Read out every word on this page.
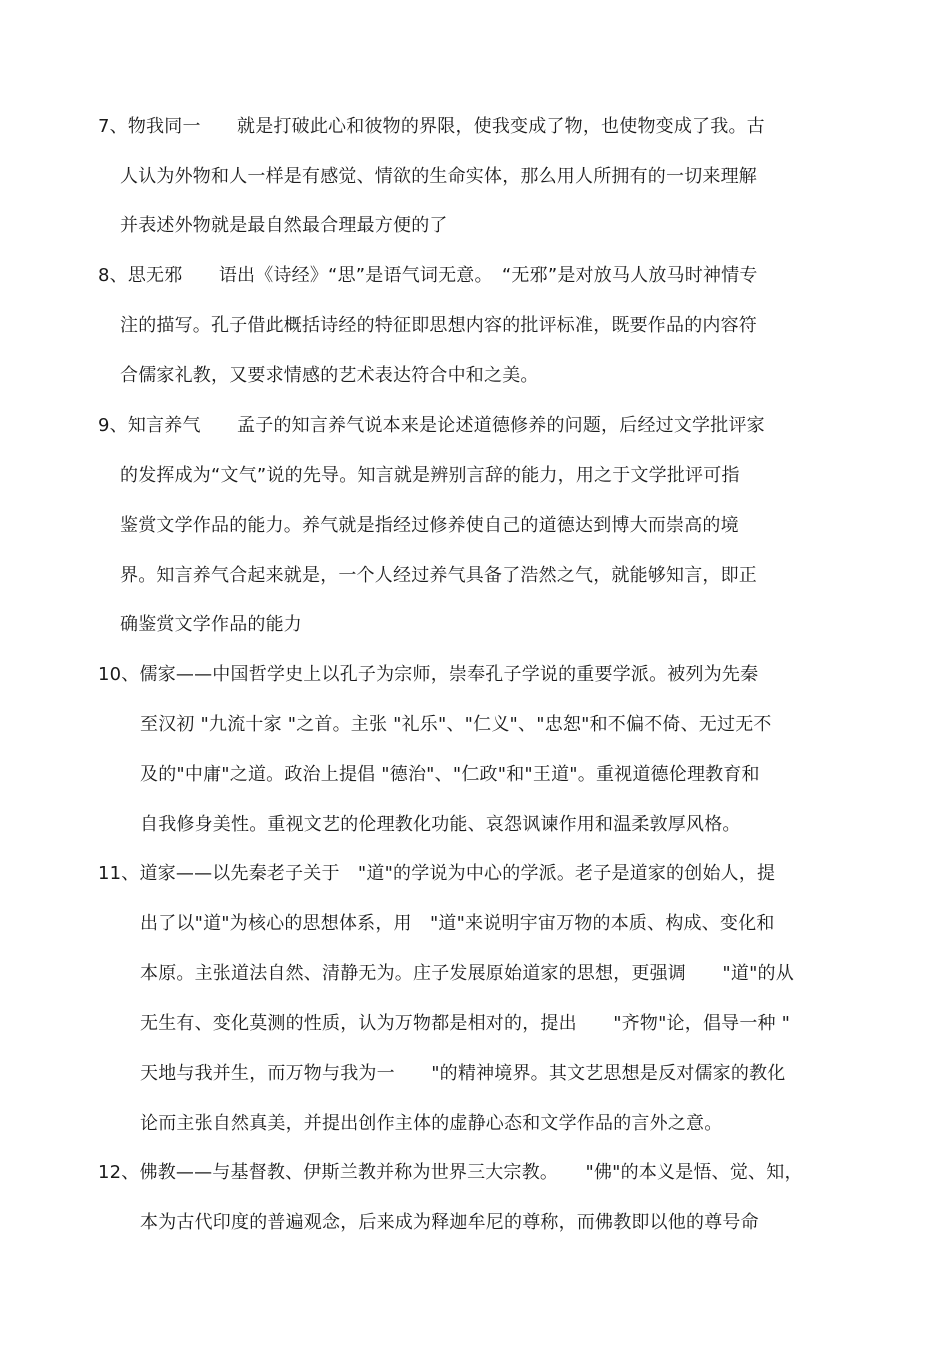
7、物我同一　　就是打破此心和彼物的界限，使我变成了物，也使物变成了我。古
人认为外物和人一样是有感觉、情欲的生命实体，那么用人所拥有的一切来理解
并表述外物就是最自然最合理最方便的了
8、思无邪　　语出《诗经》“思”是语气词无意。　“无邪”是对放马人放马时神情专
注的描写。孔子借此概括诗经的特征即思想内容的批评标准，既要作品的内容符
合儒家礼教，又要求情感的艺术表达符合中和之美。
9、知言养气　　孟子的知言养气说本来是论述道德修养的问题，后经过文学批评家
的发挥成为“文气”说的先导。知言就是辨别言辞的能力，用之于文学批评可指
鉴赏文学作品的能力。养气就是指经过修养使自己的道德达到博大而崇高的境
界。知言养气合起来就是，一个人经过养气具备了浩然之气，就能够知言，即正
确鉴赏文学作品的能力
10、儒家——中国哲学史上以孔子为宗师，崇奉孔子学说的重要学派。被列为先秦
至汉初 "九流十家 "之首。主张 "礼乐"、"仁义"、"忠恕"和不偏不倚、无过无不
及的"中庸"之道。政治上提倡 "德治"、"仁政"和"王道"。重视道德伦理教育和
自我修身美性。重视文艺的伦理教化功能、哀怨讽谏作用和温柔敦厚风格。
11、道家——以先秦老子关于　"道"的学说为中心的学派。老子是道家的创始人，提
出了以"道"为核心的思想体系，用　"道"来说明宇宙万物的本质、构成、变化和
本原。主张道法自然、清静无为。庄子发展原始道家的思想，更强调　　"道"的从
无生有、变化莫测的性质，认为万物都是相对的，提出　　"齐物"论，倡导一种 "
天地与我并生，而万物与我为一　　"的精神境界。其文艺思想是反对儒家的教化
论而主张自然真美，并提出创作主体的虚静心态和文学作品的言外之意。
12、佛教——与基督教、伊斯兰教并称为世界三大宗教。　　"佛"的本义是悟、觉、知，
本为古代印度的普遍观念，后来成为释迦牟尼的尊称，而佛教即以他的尊号命
